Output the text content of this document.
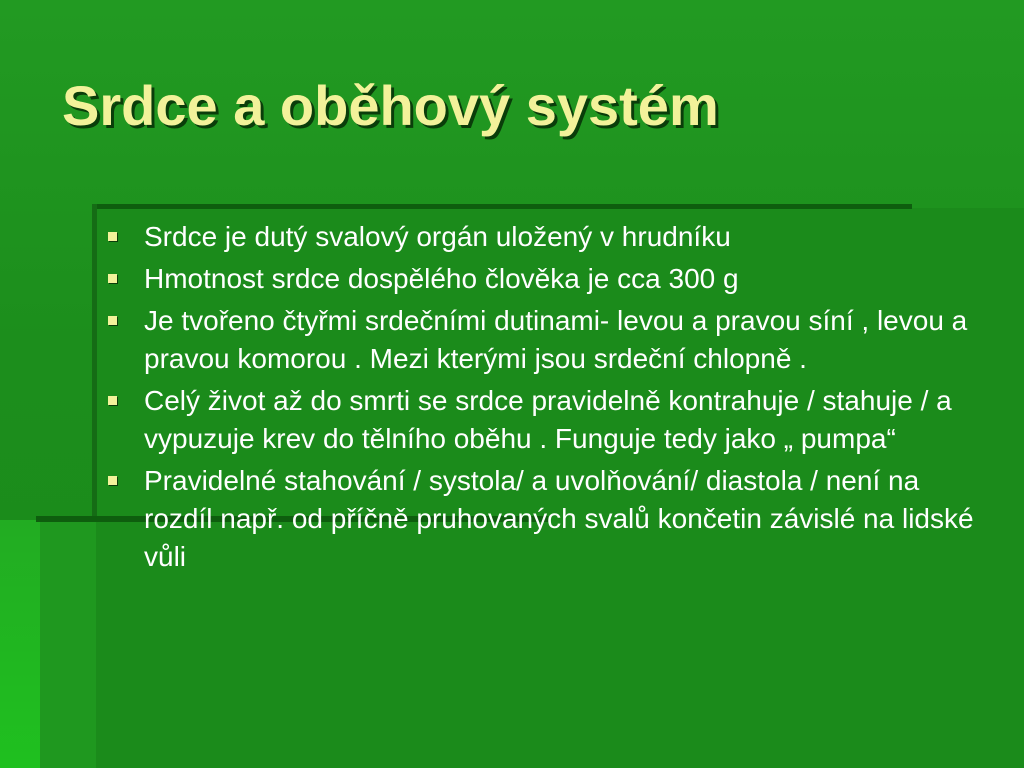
Srdce a oběhový systém
Srdce je dutý svalový orgán uložený v hrudníku
Hmotnost srdce dospělého člověka je cca 300 g
Je tvořeno čtyřmi srdečními dutinami- levou a pravou síní , levou a pravou komorou . Mezi kterými jsou srdeční chlopně .
Celý život až do smrti se srdce pravidelně kontrahuje / stahuje / a vypuzuje krev do tělního oběhu . Funguje tedy jako „ pumpa“
Pravidelné stahování / systola/ a uvolňování/ diastola / není na rozdíl např. od příčně pruhovaných svalů končetin závislé na lidské vůli
